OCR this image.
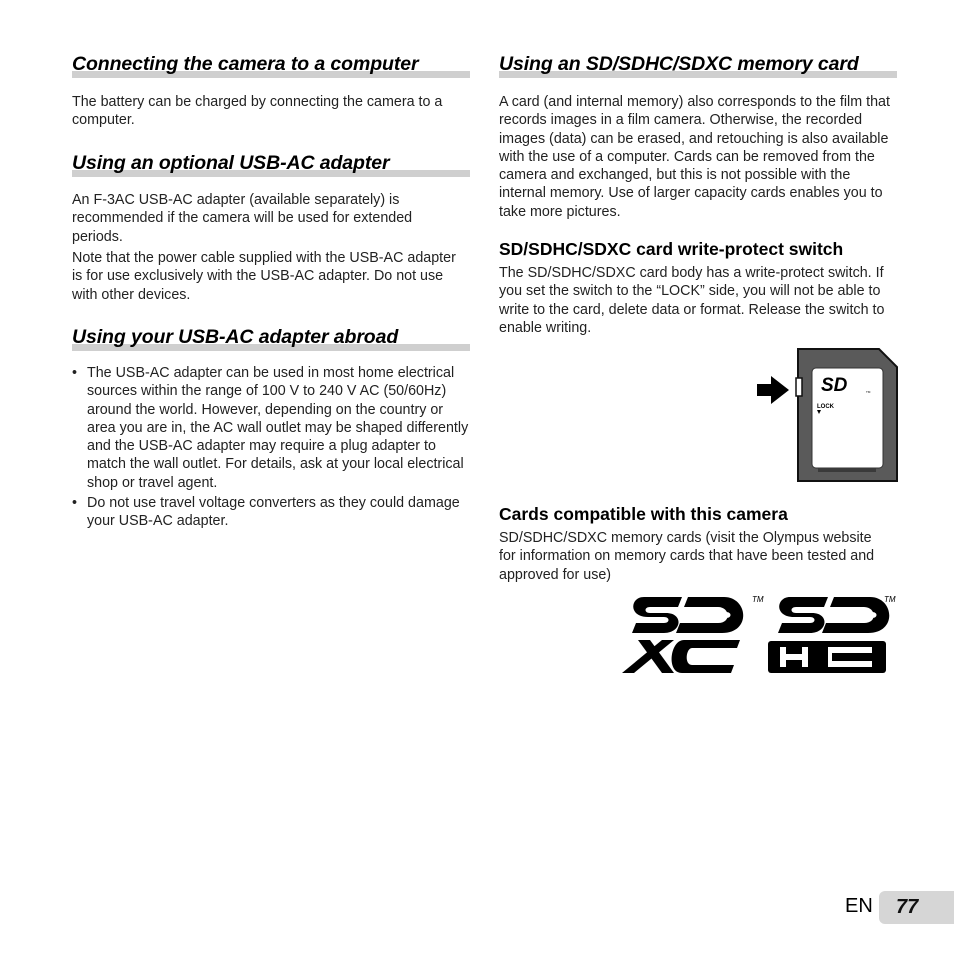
Connecting the camera to a computer

The battery can be charged by connecting the camera to a computer.

Using an optional USB-AC adapter

An F-3AC USB-AC adapter (available separately) is recommended if the camera will be used for extended periods.

Note that the power cable supplied with the USB-AC adapter is for use exclusively with the USB-AC adapter. Do not use with other devices.

Using your USB-AC adapter abroad
• The USB-AC adapter can be used in most home electrical sources within the range of 100 V to 240 V AC (50/60Hz) around the world. However, depending on the country or area you are in, the AC wall outlet may be shaped differently and the USB-AC adapter may require a plug adapter to match the wall outlet. For details, ask at your local electrical shop or travel agent.
• Do not use travel voltage converters as they could damage your USB-AC adapter.
Using an SD/SDHC/SDXC memory card

A card (and internal memory) also corresponds to the film that records images in a film camera. Otherwise, the recorded images (data) can be erased, and retouching is also available with the use of a computer. Cards can be removed from the camera and exchanged, but this is not possible with the internal memory. Use of larger capacity cards enables you to take more pictures.

SD/SDHC/SDXC card write-protect switch

The SD/SDHC/SDXC card body has a write-protect switch. If you set the switch to the “LOCK” side, you will not be able to write to the card, delete data or format. Release the switch to enable writing.

SD	TM
LOCK
Cards compatible with this camera

SD/SDHC/SDXC memory cards (visit the Olympus website for information on memory cards that have been tested and approved for use)

TM	TM
EN 77
